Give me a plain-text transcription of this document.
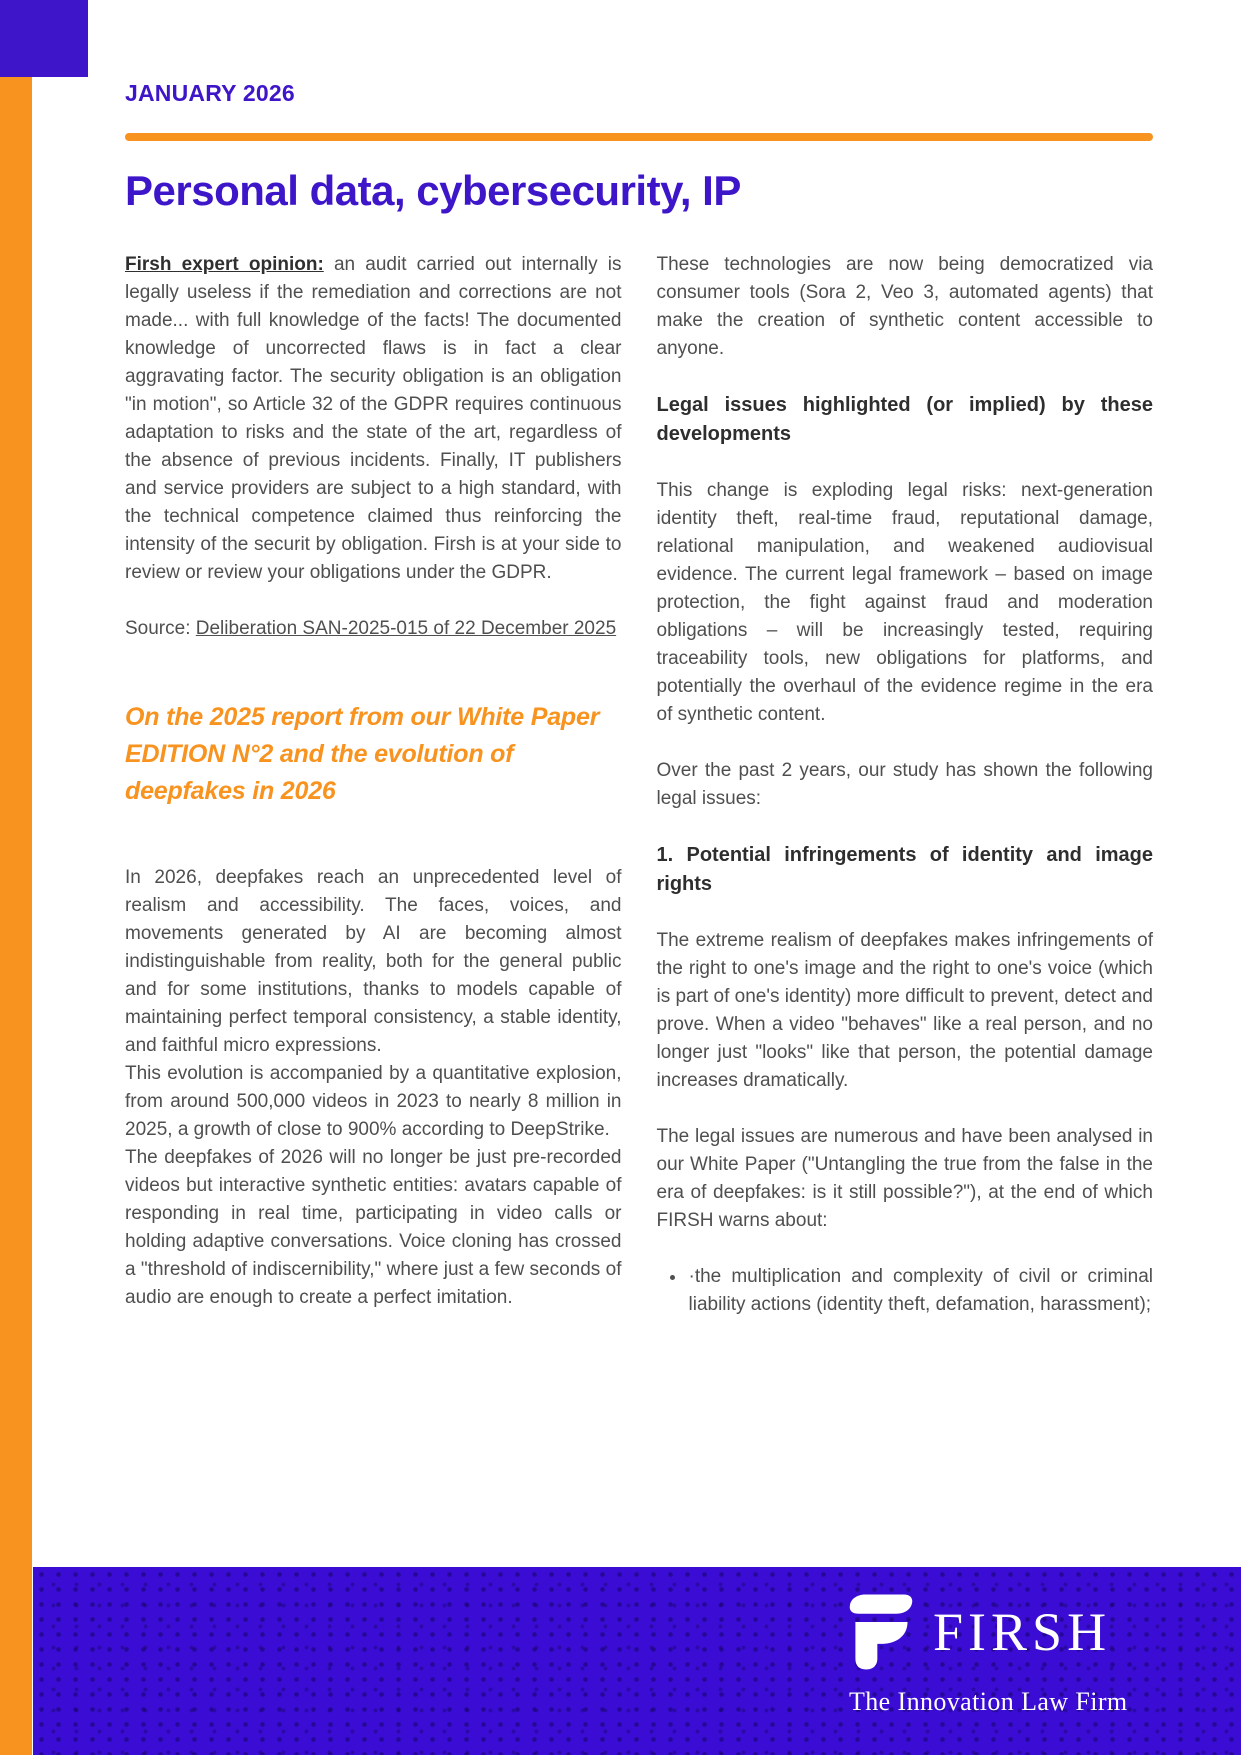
JANUARY 2026
Personal data, cybersecurity, IP

Firsh expert opinion: an audit carried out internally is legally useless if the remediation and corrections are not made... with full knowledge of the facts! The documented knowledge of uncorrected flaws is in fact a clear aggravating factor. The security obligation is an obligation "in motion", so Article 32 of the GDPR requires continuous adaptation to risks and the state of the art, regardless of the absence of previous incidents. Finally, IT publishers and service providers are subject to a high standard, with the technical competence claimed thus reinforcing the intensity of the securit by obligation. Firsh is at your side to review or review your obligations under the GDPR.

Source: Deliberation SAN-2025-015 of 22 December 2025

On the 2025 report from our White Paper EDITION N°2 and the evolution of deepfakes in 2026

In 2026, deepfakes reach an unprecedented level of realism and accessibility. The faces, voices, and movements generated by AI are becoming almost indistinguishable from reality, both for the general public and for some institutions, thanks to models capable of maintaining perfect temporal consistency, a stable identity, and faithful micro expressions.

This evolution is accompanied by a quantitative explosion, from around 500,000 videos in 2023 to nearly 8 million in 2025, a growth of close to 900% according to DeepStrike.

The deepfakes of 2026 will no longer be just pre-recorded videos but interactive synthetic entities: avatars capable of responding in real time, participating in video calls or holding adaptive conversations. Voice cloning has crossed a "threshold of indiscernibility," where just a few seconds of audio are enough to create a perfect imitation.

These technologies are now being democratized via consumer tools (Sora 2, Veo 3, automated agents) that make the creation of synthetic content accessible to anyone.

Legal issues highlighted (or implied) by these developments

This change is exploding legal risks: next-generation identity theft, real-time fraud, reputational damage, relational manipulation, and weakened audiovisual evidence. The current legal framework – based on image protection, the fight against fraud and moderation obligations – will be increasingly tested, requiring traceability tools, new obligations for platforms, and potentially the overhaul of the evidence regime in the era of synthetic content.

Over the past 2 years, our study has shown the following legal issues:

1. Potential infringements of identity and image rights

The extreme realism of deepfakes makes infringements of the right to one's image and the right to one's voice (which is part of one's identity) more difficult to prevent, detect and prove. When a video "behaves" like a real person, and no longer just "looks" like that person, the potential damage increases dramatically.

The legal issues are numerous and have been analysed in our White Paper ("Untangling the true from the false in the era of deepfakes: is it still possible?"), at the end of which FIRSH warns about:

• ·the multiplication and complexity of civil or criminal liability actions (identity theft, defamation, harassment);
FIRSH
The Innovation Law Firm
